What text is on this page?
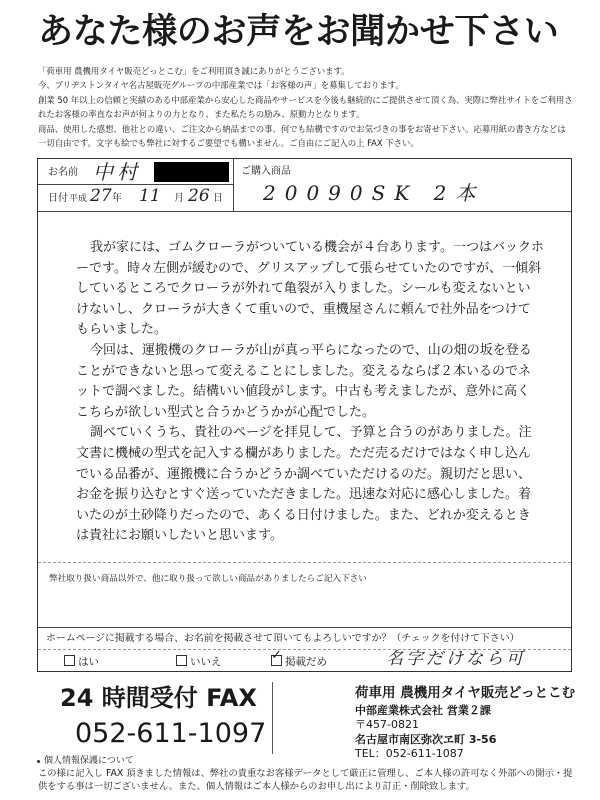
あなた様のお声をお聞かせ下さい
「荷車用 農機用タイヤ販売どっとこむ」をご利用頂き誠にありがとうございます。
今、ブリヂストンタイヤ名古屋販売グループの中部産業では「お客様の声」を募集しております。
創業 50 年以上の信頼と実績のある中部産業から安心した商品やサービスを今後も継続的にご提供させて頂く為、実際に弊社サイトをご利用さ
れたお客様の率直なお声が何よりの力となり、また私たちの励み、原動力となります。
商品、使用した感想、他社との違い、ご注文から納品までの事、何でも結構ですのでお気づきの事をお寄せ下さい。応募用紙の書き方などは
一切自由です。文字も絵でも弊社に対するご要望でも構いません。ご自由にご記入の上 FAX 下さい。
お名前 中村
日付 平成 27 年 11 月 26 日
ご購入商品
20090SK 2本
我が家には、ゴムクローラがついている機会が４台あります。一つはバックホ
ーです。時々左側が緩むので、グリスアップして張らせていたのですが、一傾斜
しているところでクローラが外れて亀裂が入りました。シールも変えないとい
けないし、クローラが大きくて重いので、重機屋さんに頼んで社外品をつけて
もらいました。
今回は、運搬機のクローラが山が真っ平らになったので、山の畑の坂を登る
ことができないと思って変えることにしました。変えるならば２本いるのでネ
ットで調べました。結構いい値段がします。中古も考えましたが、意外に高く
こちらが欲しい型式と合うかどうかが心配でした。
調べていくうち、貴社のページを拝見して、予算と合うのがありました。注
文書に機械の型式を記入する欄がありました。ただ売るだけではなく申し込ん
でいる品番が、運搬機に合うかどうか調べていただけるのだ。親切だと思い、
お金を振り込むとすぐ送っていただきました。迅速な対応に感心しました。着
いたのが土砂降りだったので、あくる日付けました。また、どれか変えるとき
は貴社にお願いしたいと思います。
弊社取り扱い商品以外で、他に取り扱って欲しい商品がありましたらご記入下さい
ホームページに掲載する場合、お名前を掲載させて頂いてもよろしいですか？（チェックを付けて下さい）
はい	いいえ
✓	掲載だめ	名字だけなら可
24 時間受付 FAX
052-611-1097
荷車用 農機用タイヤ販売どっとこむ
中部産業株式会社 営業２課
〒457-0821
名古屋市南区弥次ヱ町 3-56
TEL：052-611-1087
個人情報保護について
この様に記入し FAX 頂きました情報は、弊社の貴重なお客様データとして厳正に管理し、ご本人様の許可なく外部への開示・提
供をする事は一切ございません。また、個人情報はご本人様からのお申し出により訂正・削除致します。
